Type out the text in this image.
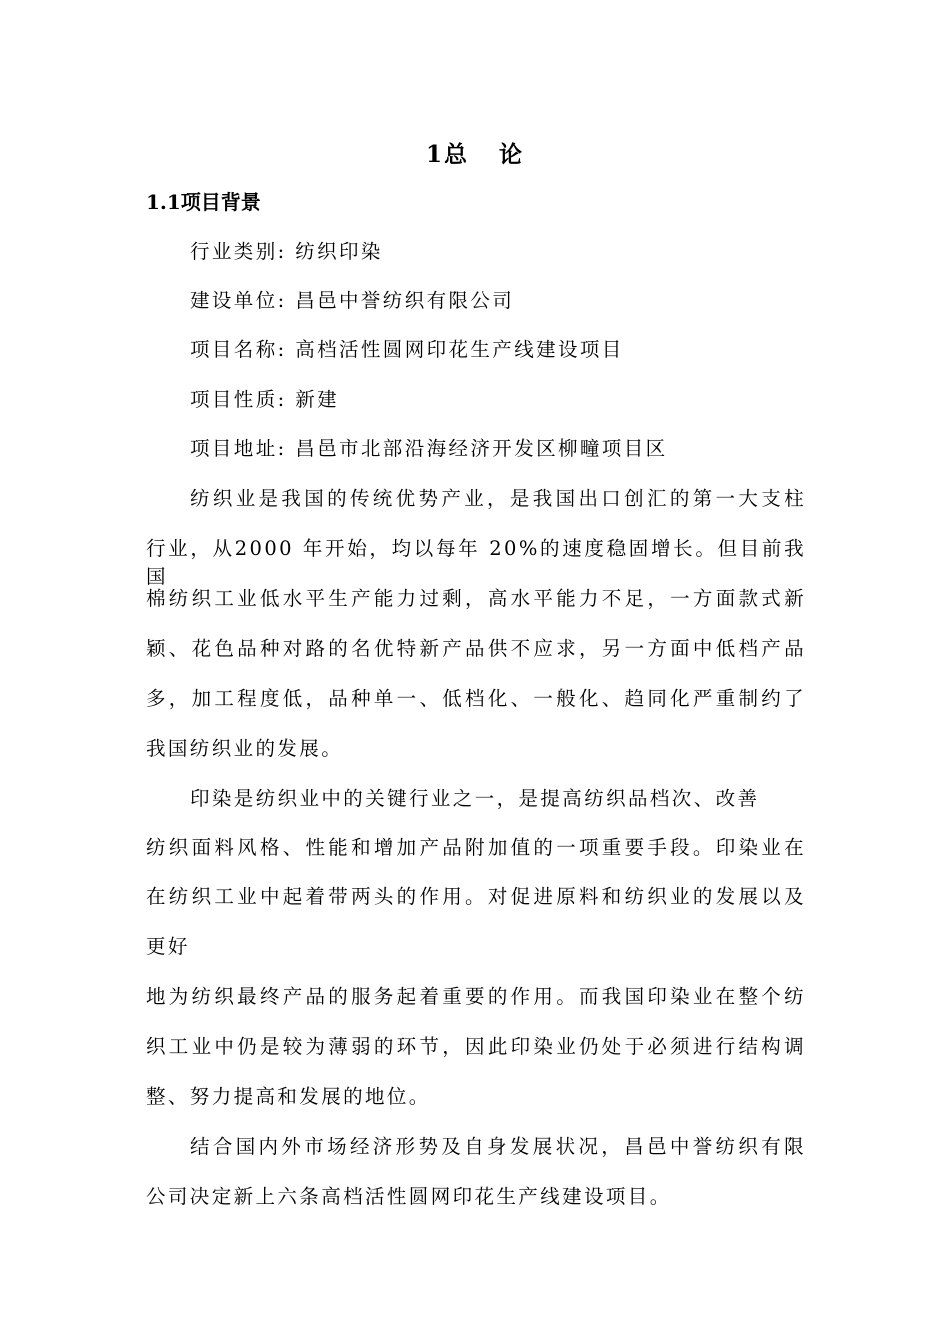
1总 论
1.1项目背景
行业类别: 纺织印染
建设单位: 昌邑中誉纺织有限公司
项目名称: 高档活性圆网印花生产线建设项目
项目性质: 新建
项目地址: 昌邑市北部沿海经济开发区柳疃项目区
纺织业是我国的传统优势产业，是我国出口创汇的第一大支柱
行业，从2000 年开始，均以每年 20%的速度稳固增长。但目前我国
棉纺织工业低水平生产能力过剩，高水平能力不足，一方面款式新
颖、花色品种对路的名优特新产品供不应求，另一方面中低档产品
多，加工程度低，品种单一、低档化、一般化、趋同化严重制约了
我国纺织业的发展。
印染是纺织业中的关键行业之一，是提高纺织品档次、改善
纺织面料风格、性能和增加产品附加值的一项重要手段。印染业在
在纺织工业中起着带两头的作用。对促进原料和纺织业的发展以及
更好
地为纺织最终产品的服务起着重要的作用。而我国印染业在整个纺
织工业中仍是较为薄弱的环节，因此印染业仍处于必须进行结构调
整、努力提高和发展的地位。
结合国内外市场经济形势及自身发展状况，昌邑中誉纺织有限
公司决定新上六条高档活性圆网印花生产线建设项目。
